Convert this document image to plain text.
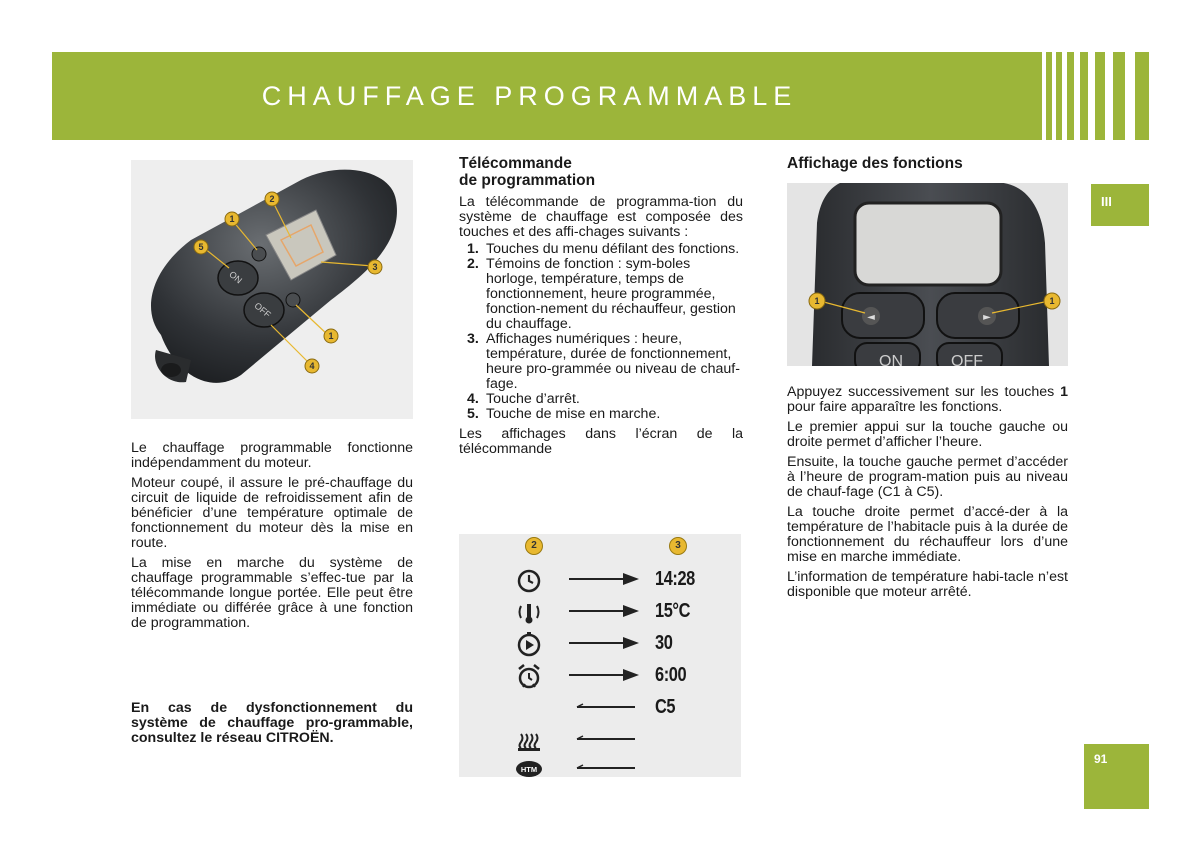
CHAUFFAGE PROGRAMMABLE
III
91
ON
OFF
1
2
3
5
1
4

Le chauffage programmable fonctionne indépendamment du moteur.

Moteur coupé, il assure le pré-chauffage du circuit de liquide de refroidissement afin de bénéficier d’une température optimale de fonctionnement du moteur dès la mise en route.

La mise en marche du système de chauffage programmable s’effec-tue par la télécommande longue portée. Elle peut être immédiate ou différée grâce à une fonction de programmation.

En cas de dysfonctionnement du système de chauffage pro-grammable, consultez le réseau CITROËN.
Télécommande
de programmation

La télécommande de programma-tion du système de chauffage est composée des touches et des affi-chages suivants :

1. Touches du menu défilant des fonctions.
2. Témoins de fonction : sym-boles horloge, température, temps de fonctionnement, heure programmée, fonction-nement du réchauffeur, gestion du chauffage.
3. Affichages numériques : heure, température, durée de fonctionnement, heure pro-grammée ou niveau de chauf-fage.
4. Touche d’arrêt.
5. Touche de mise en marche.

Les affichages dans l’écran de la télécommande

2	3
14:28
15°C
30
6:00
C5
HTM
Affichage des fonctions
◄	►
ON	OFF
1	1

Appuyez successivement sur les touches 1 pour faire apparaître les fonctions.

Le premier appui sur la touche gauche ou droite permet d’afficher l’heure.

Ensuite, la touche gauche permet d’accéder à l’heure de program-mation puis au niveau de chauf-fage (C1 à C5).

La touche droite permet d’accé-der à la température de l’habitacle puis à la durée de fonctionnement du réchauffeur lors d’une mise en marche immédiate.

L’information de température habi-tacle n’est disponible que moteur arrêté.
